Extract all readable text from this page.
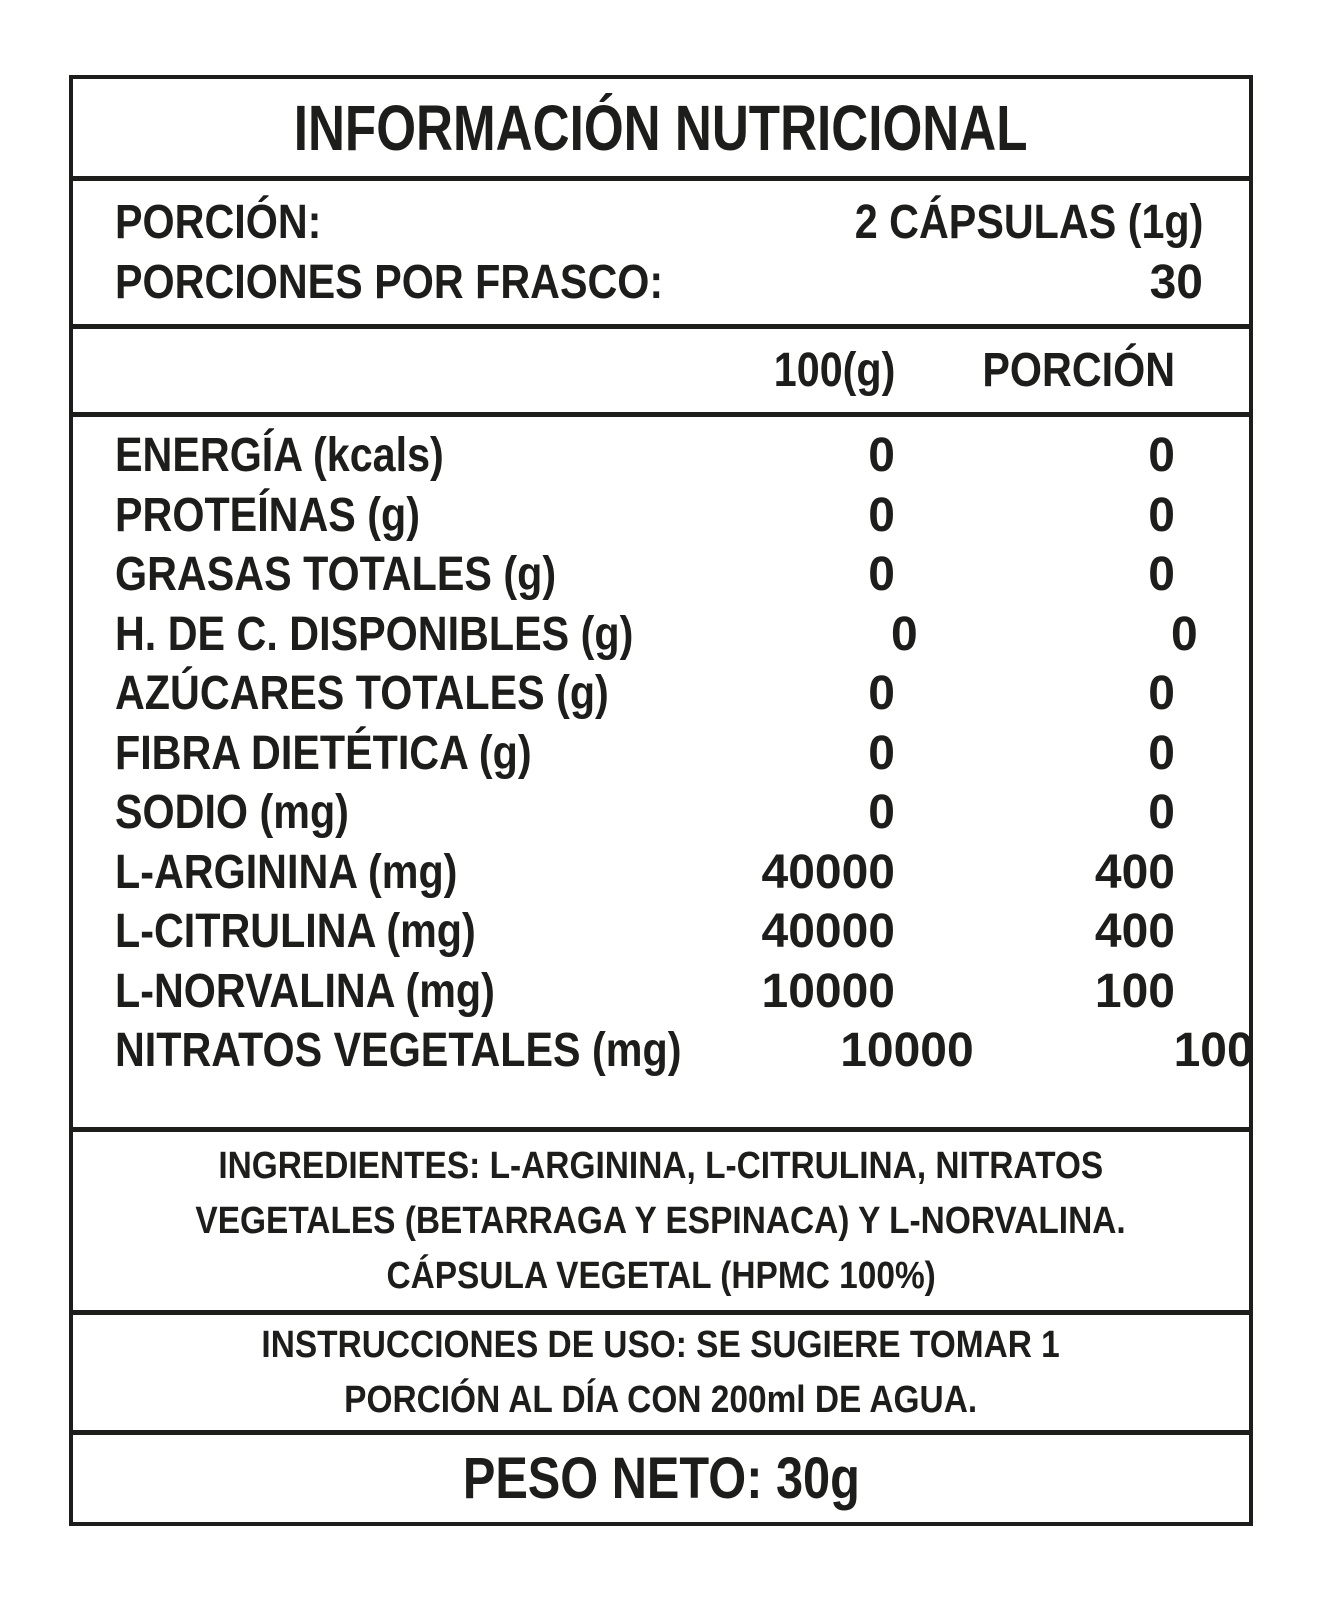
INFORMACIÓN NUTRICIONAL
PORCIÓN:	2 CÁPSULAS (1g)
PORCIONES POR FRASCO:	30
100(g)	PORCIÓN
ENERGÍA (kcals)	0	0
PROTEÍNAS (g)	0	0
GRASAS TOTALES (g)	0	0
H. DE C. DISPONIBLES (g)	0	0
AZÚCARES TOTALES (g)	0	0
FIBRA DIETÉTICA (g)	0	0
SODIO (mg)	0	0
L-ARGININA (mg)	40000	400
L-CITRULINA (mg)	40000	400
L-NORVALINA (mg)	10000	100
NITRATOS VEGETALES (mg)	10000	100
INGREDIENTES: L-ARGININA, L-CITRULINA, NITRATOS
VEGETALES (BETARRAGA Y ESPINACA) Y L-NORVALINA.
CÁPSULA VEGETAL (HPMC 100%)
INSTRUCCIONES DE USO: SE SUGIERE TOMAR 1
PORCIÓN AL DÍA CON 200ml DE AGUA.
PESO NETO: 30g
